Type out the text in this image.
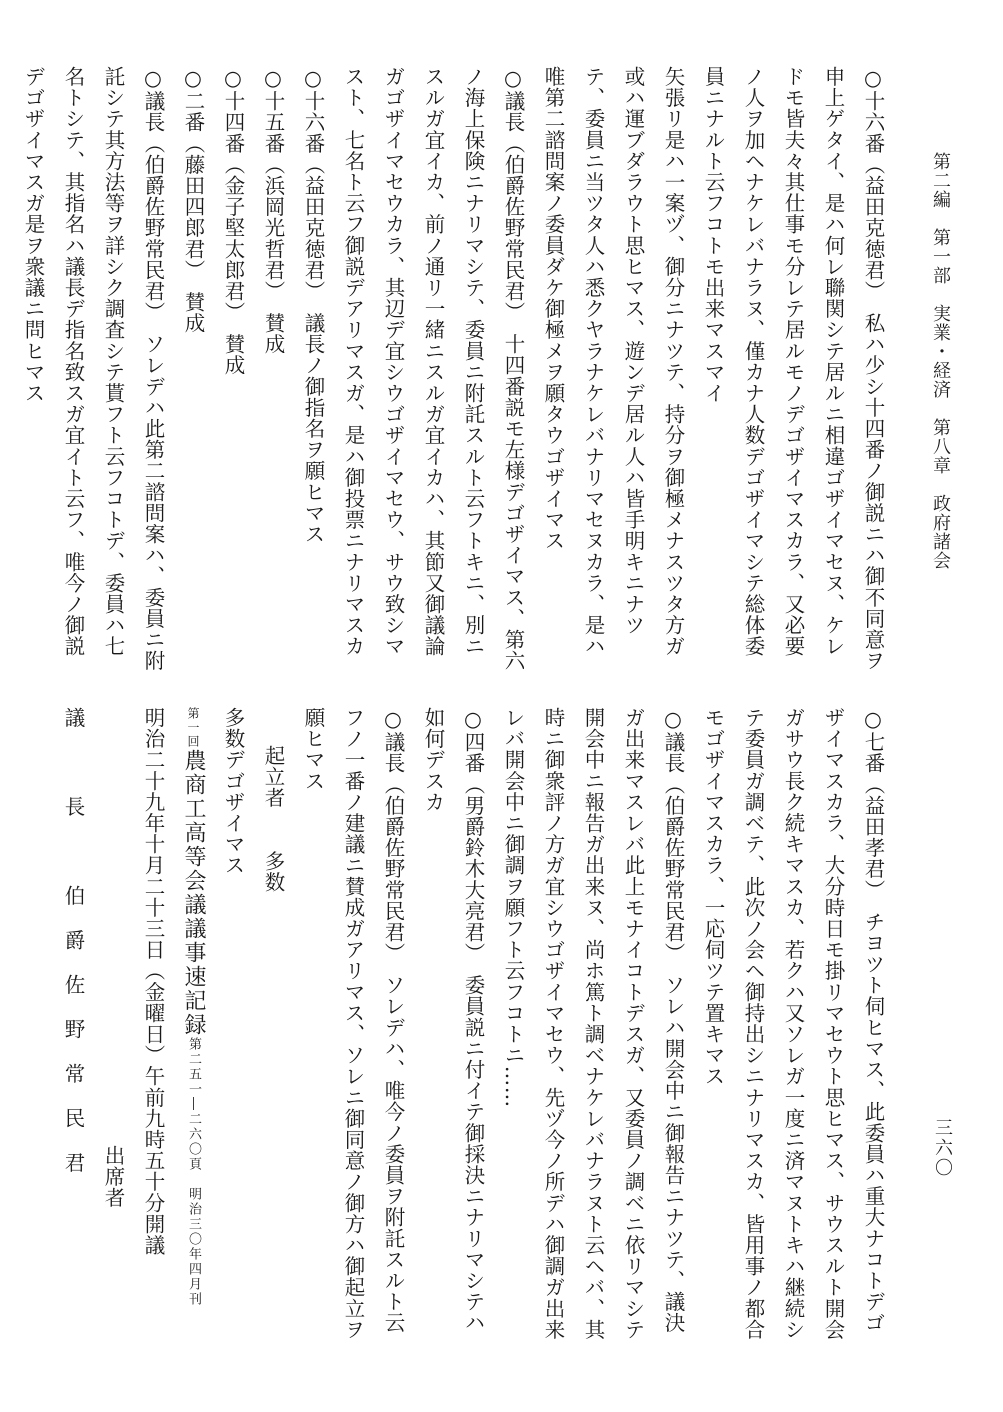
第二編　第一部　実業・経済　第八章　政府諸会
三六〇

○十六番（益田克徳君）　私ハ少シ十四番ノ御説ニハ御不同意ヲ申上ゲタイ、是ハ何レ聯関シテ居ルニ相違ゴザイマセヌ、ケレドモ皆夫々其仕事モ分レテ居ルモノデゴザイマスカラ、又必要ノ人ヲ加ヘナケレバナラヌ、僅カナ人数デゴザイマシテ総体委員ニナルト云フコトモ出来マスマイ

矢張リ是ハ一案ヅ、御分ニナツテ、持分ヲ御極メナスツタ方ガ或ハ運ブダラウト思ヒマス、遊ンデ居ル人ハ皆手明キニナツテ、委員ニ当ツタ人ハ悉クヤラナケレバナリマセヌカラ、是ハ唯第二諮問案ノ委員ダケ御極メヲ願タウゴザイマス

○議長（伯爵佐野常民君）　十四番説モ左様デゴザイマス、第六ノ海上保険ニナリマシテ、委員ニ附託スルト云フトキニ、別ニスルガ宜イカ、前ノ通リ一緒ニスルガ宜イカハ、其節又御議論ガゴザイマセウカラ、其辺デ宜シウゴザイマセウ、サウ致シマスト、七名ト云フ御説デアリマスガ、是ハ御投票ニナリマスカ

○十六番（益田克徳君）　議長ノ御指名ヲ願ヒマス

○十五番（浜岡光哲君）　賛成

○十四番（金子堅太郎君）　賛成

○二番（藤田四郎君）　賛成

○議長（伯爵佐野常民君）　ソレデハ此第二諮問案ハ、委員ニ附託シテ其方法等ヲ詳シク調査シテ貰フト云フコトデ、委員ハ七名トシテ、其指名ハ議長デ指名致スガ宜イト云フ、唯今ノ御説デゴザイマスガ是ヲ衆議ニ問ヒマス

○七番（益田孝君）　チヨツト伺ヒマス、此委員ハ重大ナコトデゴザイマスカラ、大分時日モ掛リマセウト思ヒマス、サウスルト開会ガサウ長ク続キマスカ、若クハ又ソレガ一度ニ済マヌトキハ継続シテ委員ガ調ベテ、此次ノ会ヘ御持出シニナリマスカ、皆用事ノ都合モゴザイマスカラ、一応伺ツテ置キマス

○議長（伯爵佐野常民君）　ソレハ開会中ニ御報告ニナツテ、議決ガ出来マスレバ此上モナイコトデスガ、又委員ノ調ベニ依リマシテ開会中ニ報告ガ出来ヌ、尚ホ篤ト調ベナケレバナラヌト云ヘバ、其時ニ御衆評ノ方ガ宜シウゴザイマセウ、先ヅ今ノ所デハ御調ガ出来レバ開会中ニ御調ヲ願フト云フコトニ……

○四番（男爵鈴木大亮君）　委員説ニ付イテ御採決ニナリマシテハ如何デスカ

○議長（伯爵佐野常民君）　ソレデハ、唯今ノ委員ヲ附託スルト云フノ一番ノ建議ニ賛成ガアリマス、ソレニ御同意ノ御方ハ御起立ヲ願ヒマス

起立者　　多数

多数デゴザイマス

第一回農商工高等会議議事速記録第二五一―二六〇頁　明治三〇年四月刊

明治二十九年十月二十三日（金曜日）午前九時五十分開議

出席者

議　長　伯爵佐野常民君
